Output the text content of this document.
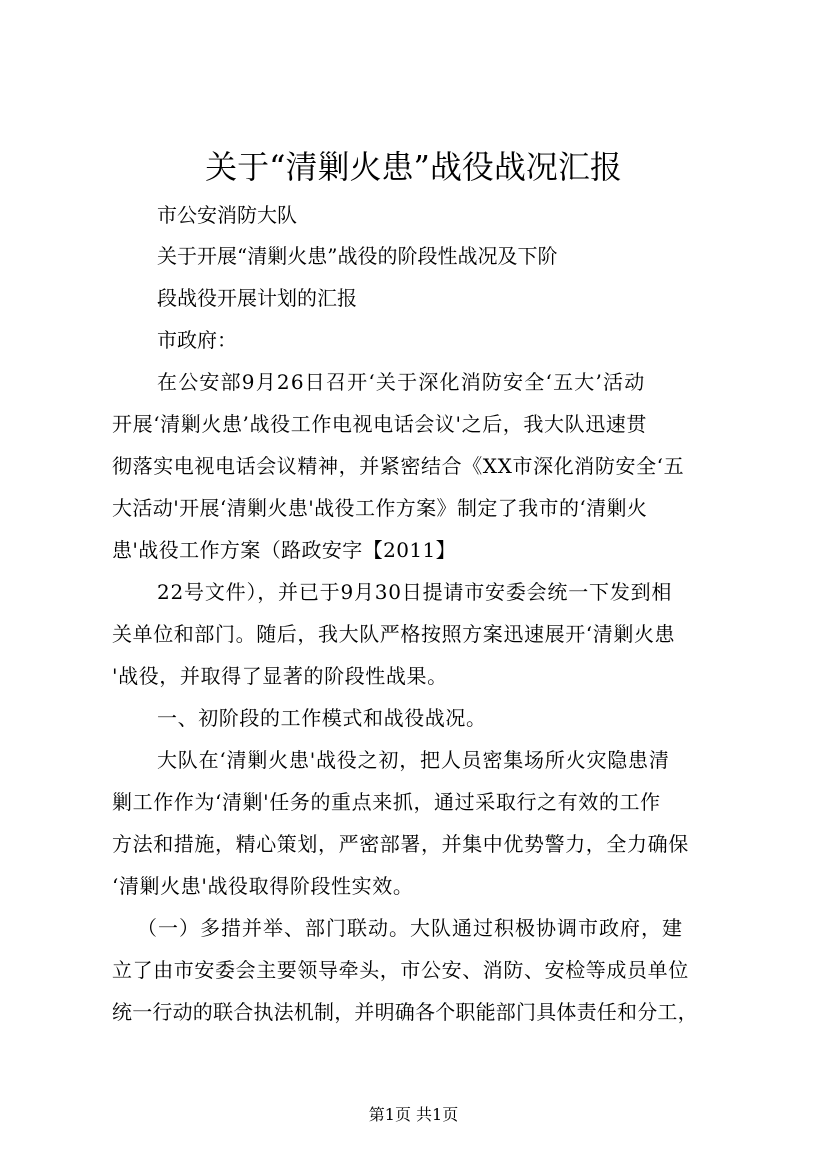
关于“清剿火患”战役战况汇报

市公安消防大队

关于开展“清剿火患”战役的阶段性战况及下阶

段战役开展计划的汇报

市政府：

在公安部9月26日召开‘关于深化消防安全‘五大’活动

开展‘清剿火患’战役工作电视电话会议'之后，我大队迅速贯

彻落实电视电话会议精神，并紧密结合《XX市深化消防安全‘五

大活动'开展‘清剿火患'战役工作方案》制定了我市的‘清剿火

患'战役工作方案（路政安字【2011】

22号文件），并已于9月30日提请市安委会统一下发到相

关单位和部门。随后，我大队严格按照方案迅速展开‘清剿火患

'战役，并取得了显著的阶段性战果。

一、初阶段的工作模式和战役战况。

大队在‘清剿火患'战役之初，把人员密集场所火灾隐患清

剿工作作为‘清剿'任务的重点来抓，通过采取行之有效的工作

方法和措施，精心策划，严密部署，并集中优势警力，全力确保

‘清剿火患'战役取得阶段性实效。

（一）多措并举、部门联动。大队通过积极协调市政府，建

立了由市安委会主要领导牵头，市公安、消防、安检等成员单位

统一行动的联合执法机制，并明确各个职能部门具体责任和分工，

第1页 共1页
